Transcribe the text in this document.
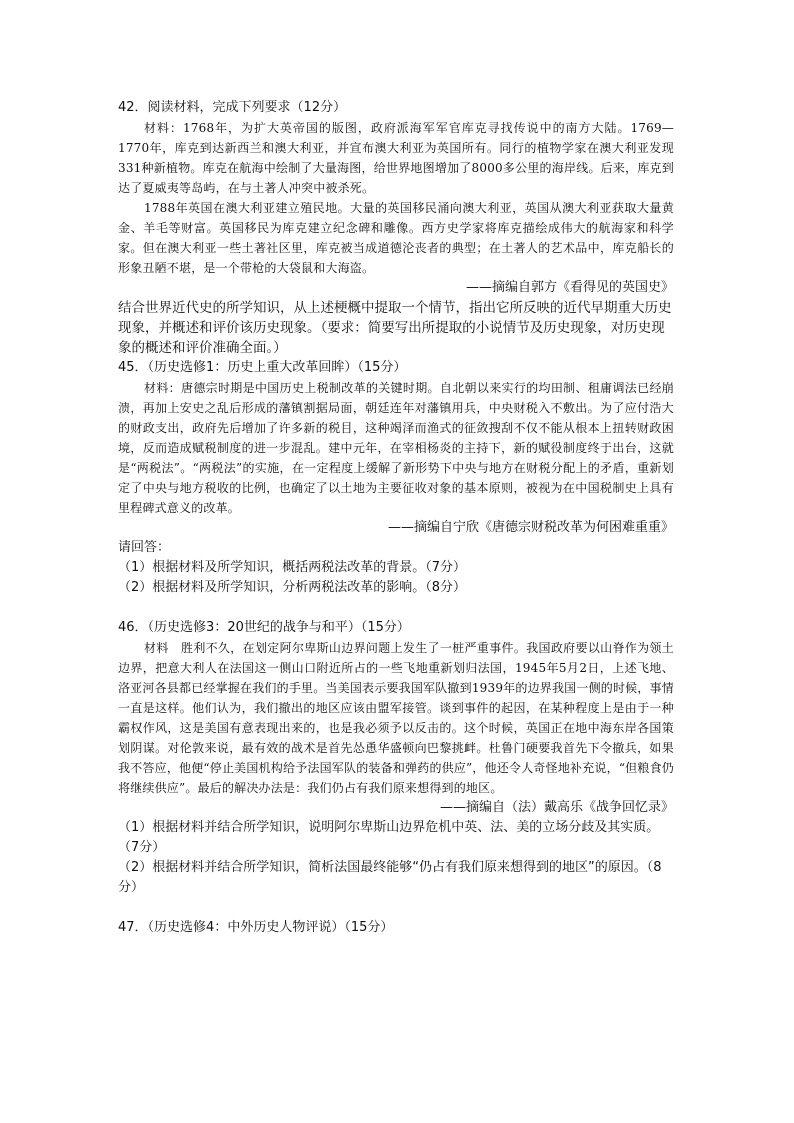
42．阅读材料，完成下列要求（12分）

材料：1768年，为扩大英帝国的版图，政府派海军军官库克寻找传说中的南方大陆。1769—1770年，库克到达新西兰和澳大利亚，并宣布澳大利亚为英国所有。同行的植物学家在澳大利亚发现331种新植物。库克在航海中绘制了大量海图，给世界地图增加了8000多公里的海岸线。后来，库克到达了夏威夷等岛屿，在与土著人冲突中被杀死。

1788年英国在澳大利亚建立殖民地。大量的英国移民涌向澳大利亚，英国从澳大利亚获取大量黄金、羊毛等财富。英国移民为库克建立纪念碑和雕像。西方史学家将库克描绘成伟大的航海家和科学家。但在澳大利亚一些土著社区里，库克被当成道德沦丧者的典型；在土著人的艺术品中，库克船长的形象丑陋不堪，是一个带枪的大袋鼠和大海盗。

——摘编自郭方《看得见的英国史》

结合世界近代史的所学知识，从上述梗概中提取一个情节，指出它所反映的近代早期重大历史现象，并概述和评价该历史现象。（要求：简要写出所提取的小说情节及历史现象，对历史现象的概述和评价准确全面。）

45．（历史选修1：历史上重大改革回眸）（15分）

材料：唐德宗时期是中国历史上税制改革的关键时期。自北朝以来实行的均田制、租庸调法已经崩溃，再加上安史之乱后形成的藩镇割据局面，朝廷连年对藩镇用兵，中央财税入不敷出。为了应付浩大的财政支出，政府先后增加了许多新的税目，这种竭泽而渔式的征敛搜刮不仅不能从根本上扭转财政困境，反而造成赋税制度的进一步混乱。建中元年，在宰相杨炎的主持下，新的赋役制度终于出台，这就是“两税法”。“两税法”的实施，在一定程度上缓解了新形势下中央与地方在财税分配上的矛盾，重新划定了中央与地方税收的比例，也确定了以土地为主要征收对象的基本原则，被视为在中国税制史上具有里程碑式意义的改革。

——摘编自宁欣《唐德宗财税改革为何困难重重》

请回答：

（1）根据材料及所学知识，概括两税法改革的背景。（7分）

（2）根据材料及所学知识，分析两税法改革的影响。（8分）

46．（历史选修3：20世纪的战争与和平）（15分）

材料　胜利不久，在划定阿尔卑斯山边界问题上发生了一桩严重事件。我国政府要以山脊作为领土边界，把意大利人在法国这一侧山口附近所占的一些飞地重新划归法国，1945年5月2日，上述飞地、洛亚河各县都已经掌握在我们的手里。当美国表示要我国军队撤到1939年的边界我国一侧的时候，事情一直是这样。他们认为，我们撤出的地区应该由盟军接管。谈到事件的起因，在某种程度上是由于一种霸权作风，这是美国有意表现出来的，也是我必须予以反击的。这个时候，英国正在地中海东岸各国策划阴谋。对伦敦来说，最有效的战术是首先怂恿华盛顿向巴黎挑衅。杜鲁门硬要我首先下令撤兵，如果我不答应，他便“停止美国机构给予法国军队的装备和弹药的供应”，他还令人奇怪地补充说，“但粮食仍将继续供应”。最后的解决办法是：我们仍占有我们原来想得到的地区。

——摘编自（法）戴高乐《战争回忆录》

（1）根据材料并结合所学知识，说明阿尔卑斯山边界危机中英、法、美的立场分歧及其实质。（7分）

（2）根据材料并结合所学知识，简析法国最终能够“仍占有我们原来想得到的地区”的原因。（8分）

47．（历史选修4：中外历史人物评说）（15分）
